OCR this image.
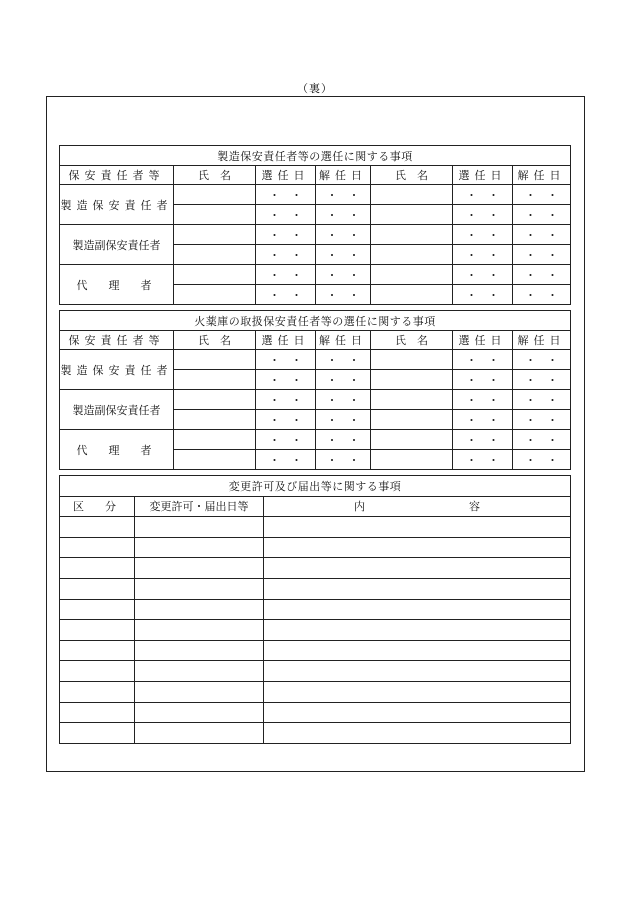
（裏）
製造保安責任者等の選任に関する事項						
保安責任者等	氏　名	選任日	解任日	氏　名	選任日	解任日
製造保安責任者		・　・	・　・		・　・	・　・
		・　・	・　・		・　・	・　・
製造副保安責任者		・　・	・　・		・　・	・　・
		・　・	・　・		・　・	・　・
代　理　者		・　・	・　・		・　・	・　・
		・　・	・　・		・　・	・　・
火薬庫の取扱保安責任者等の選任に関する事項						
保安責任者等	氏　名	選任日	解任日	氏　名	選任日	解任日
製造保安責任者		・　・	・　・		・　・	・　・
		・　・	・　・		・　・	・　・
製造副保安責任者		・　・	・　・		・　・	・　・
		・　・	・　・		・　・	・　・
代　理　者		・　・	・　・		・　・	・　・
		・　・	・　・		・　・	・　・
変更許可及び届出等に関する事項		
区　分	変更許可・届出日等	内 容
